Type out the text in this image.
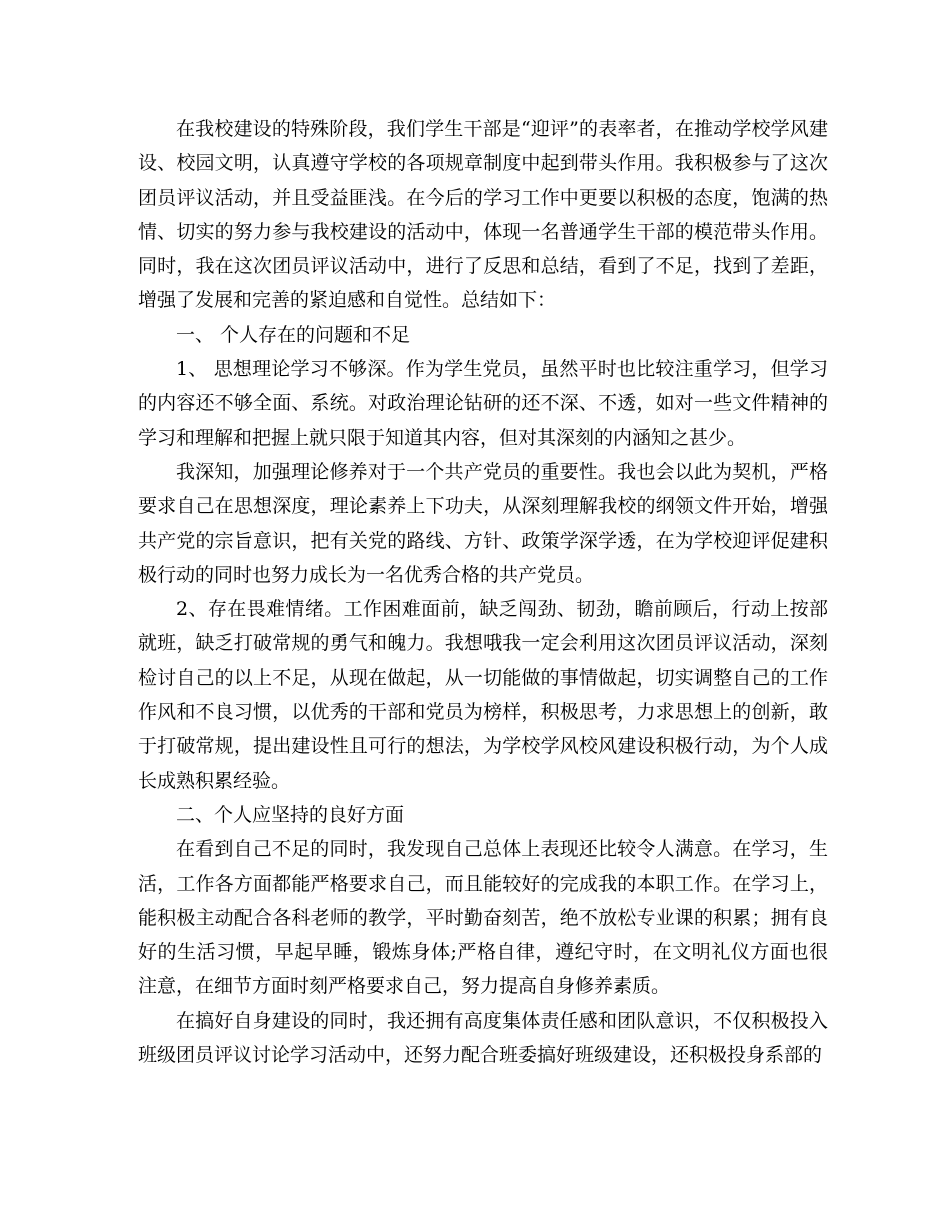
在我校建设的特殊阶段，我们学生干部是“迎评”的表率者，在推动学校学风建设、校园文明，认真遵守学校的各项规章制度中起到带头作用。我积极参与了这次团员评议活动，并且受益匪浅。在今后的学习工作中更要以积极的态度，饱满的热情、切实的努力参与我校建设的活动中，体现一名普通学生干部的模范带头作用。同时，我在这次团员评议活动中，进行了反思和总结，看到了不足，找到了差距，增强了发展和完善的紧迫感和自觉性。总结如下：

一、 个人存在的问题和不足

1、 思想理论学习不够深。作为学生党员，虽然平时也比较注重学习，但学习的内容还不够全面、系统。对政治理论钻研的还不深、不透，如对一些文件精神的学习和理解和把握上就只限于知道其内容，但对其深刻的内涵知之甚少。

我深知，加强理论修养对于一个共产党员的重要性。我也会以此为契机，严格要求自己在思想深度，理论素养上下功夫，从深刻理解我校的纲领文件开始，增强共产党的宗旨意识，把有关党的路线、方针、政策学深学透，在为学校迎评促建积极行动的同时也努力成长为一名优秀合格的共产党员。

2、存在畏难情绪。工作困难面前，缺乏闯劲、韧劲，瞻前顾后，行动上按部就班，缺乏打破常规的勇气和魄力。我想哦我一定会利用这次团员评议活动，深刻检讨自己的以上不足，从现在做起，从一切能做的事情做起，切实调整自己的工作作风和不良习惯，以优秀的干部和党员为榜样，积极思考，力求思想上的创新，敢于打破常规，提出建设性且可行的想法，为学校学风校风建设积极行动，为个人成长成熟积累经验。

二、个人应坚持的良好方面

在看到自己不足的同时，我发现自己总体上表现还比较令人满意。在学习，生活，工作各方面都能严格要求自己，而且能较好的完成我的本职工作。在学习上，能积极主动配合各科老师的教学，平时勤奋刻苦，绝不放松专业课的积累；拥有良好的生活习惯，早起早睡，锻炼身体;严格自律，遵纪守时，在文明礼仪方面也很注意，在细节方面时刻严格要求自己，努力提高自身修养素质。

在搞好自身建设的同时，我还拥有高度集体责任感和团队意识，不仅积极投入班级团员评议讨论学习活动中，还努力配合班委搞好班级建设，还积极投身系部的
